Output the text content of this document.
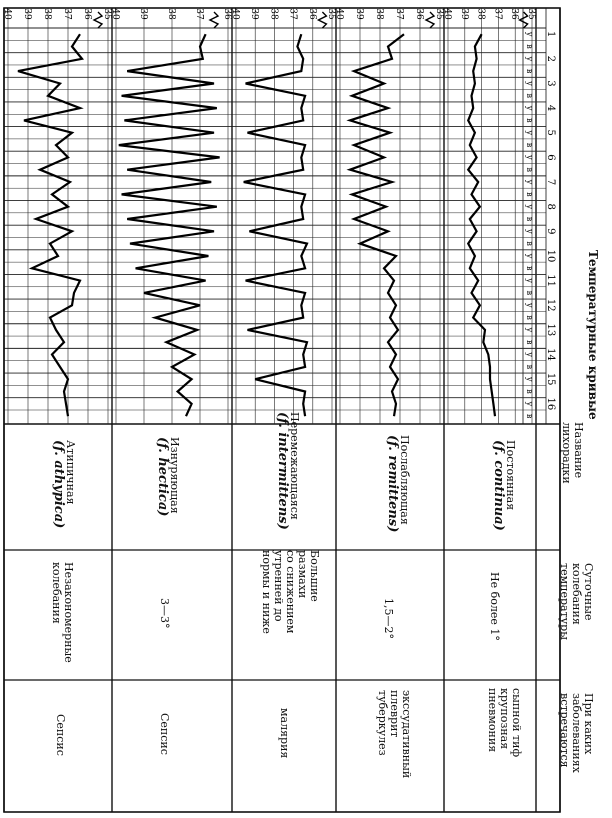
1
у
в
2
у
в
3
у
в
4
у
в
5
у
в
6
у
в
7
у
в
8
у
в
9
у
в
10
у
в
11
у
в
12
у
в
13
у
в
14
у
в
15
у
в
16
у
в
35
36
37
38
39
40
35
36
37
38
39
40
35
36
37
38
39
40
36
37
38
39
40
35
36
37
38
39
40
Температурные кривые
Название
лихорадки
Суточные
колебания
температуры
При каких
заболеваниях
встречаются
Постоянная
(f. continua)
Не более 1°
сыпной тиф
крупозная
пневмония
Послабляющая
(f. remittens)
1,5—2°
экссудативный
плеврит
туберкулез
Перемежающаяся
(f. intermittens)
Большие
размахи
со снижением
утренней до
нормы и ниже
малярия
Изнуряющая
(f. hectica)
3—3°
Сепсис
Атипичная
(f. athypica)
Незакономерные
колебания
Сепсис
